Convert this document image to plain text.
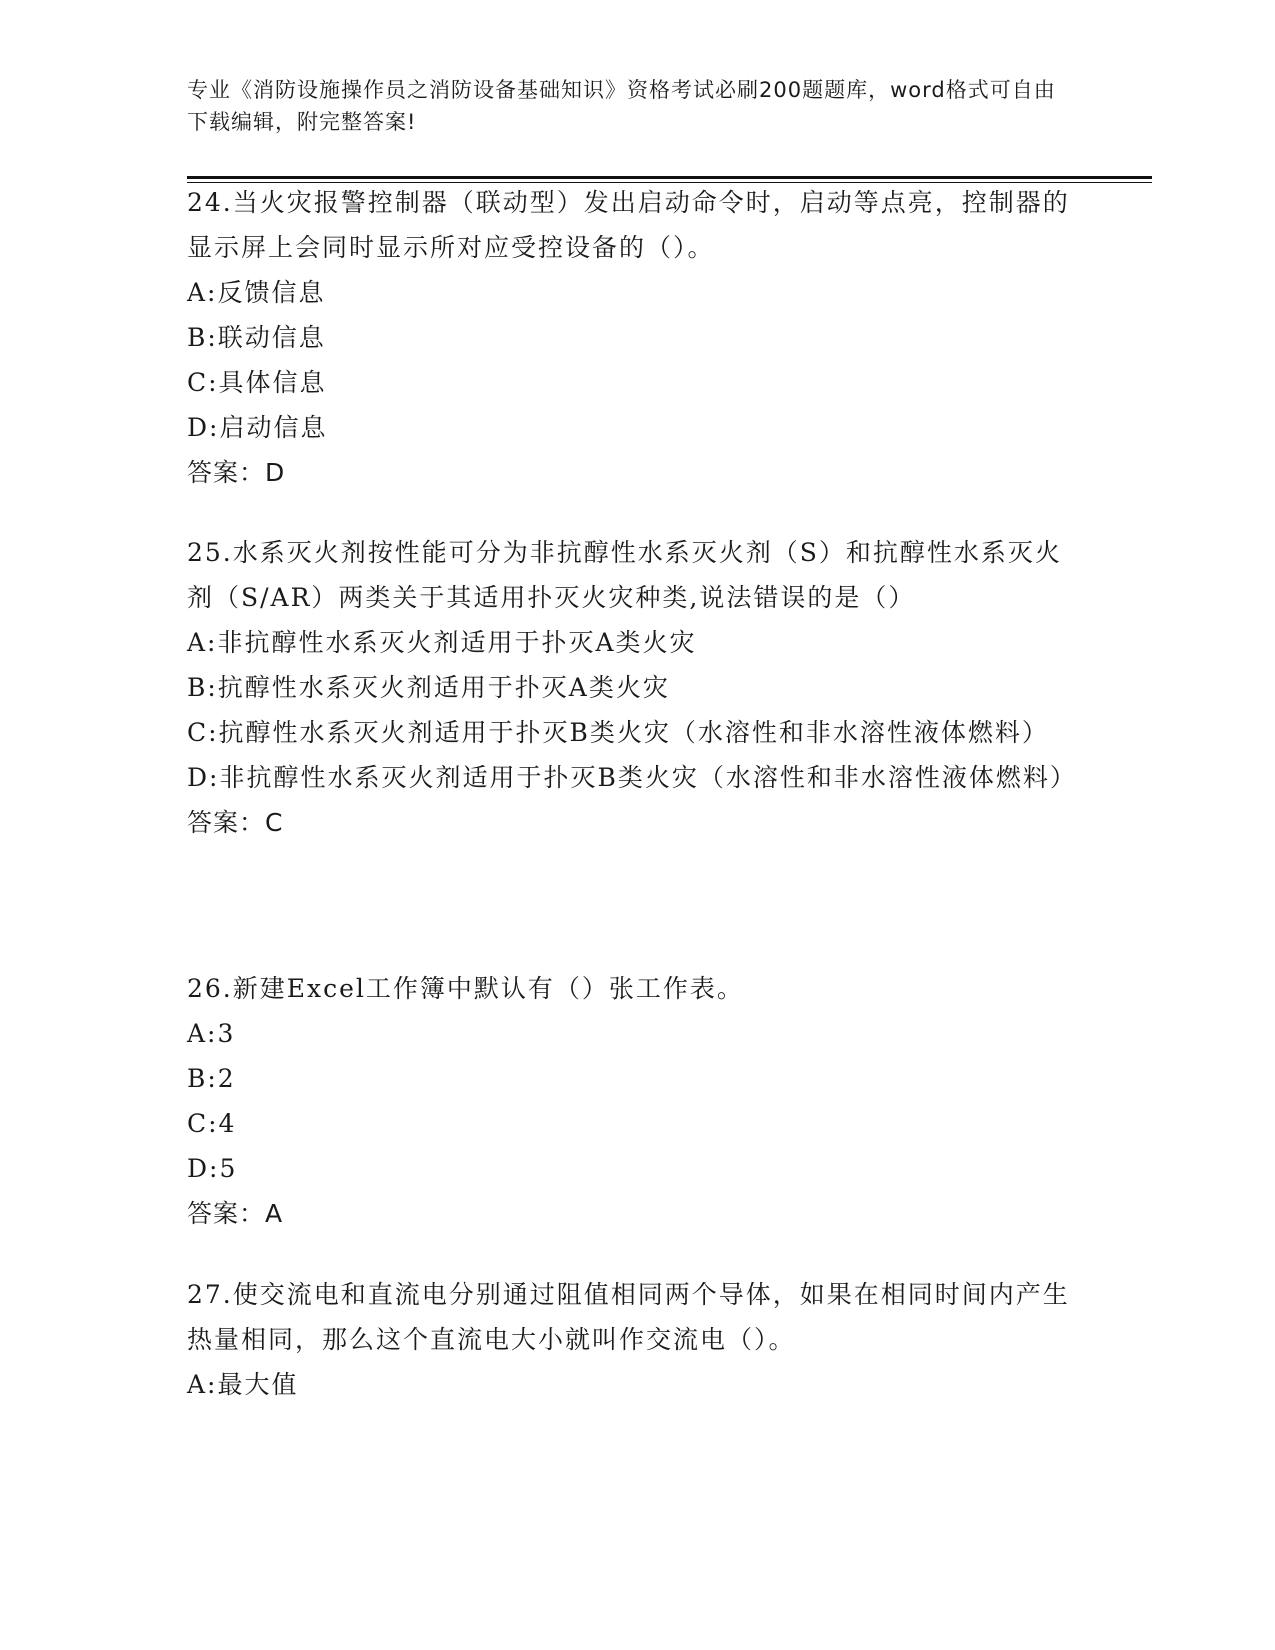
专业《消防设施操作员之消防设备基础知识》资格考试必刷200题题库，word格式可自由下载编辑，附完整答案!
24.当火灾报警控制器（联动型）发出启动命令时，启动等点亮，控制器的显示屏上会同时显示所对应受控设备的（）。
A:反馈信息
B:联动信息
C:具体信息
D:启动信息
答案：D
25.水系灭火剂按性能可分为非抗醇性水系灭火剂（S）和抗醇性水系灭火剂（S/AR）两类关于其适用扑灭火灾种类,说法错误的是（）
A:非抗醇性水系灭火剂适用于扑灭A类火灾
B:抗醇性水系灭火剂适用于扑灭A类火灾
C:抗醇性水系灭火剂适用于扑灭B类火灾（水溶性和非水溶性液体燃料）
D:非抗醇性水系灭火剂适用于扑灭B类火灾（水溶性和非水溶性液体燃料）
答案：C
26.新建Excel工作簿中默认有（）张工作表。
A:3
B:2
C:4
D:5
答案：A
27.使交流电和直流电分别通过阻值相同两个导体，如果在相同时间内产生热量相同，那么这个直流电大小就叫作交流电（）。
A:最大值
